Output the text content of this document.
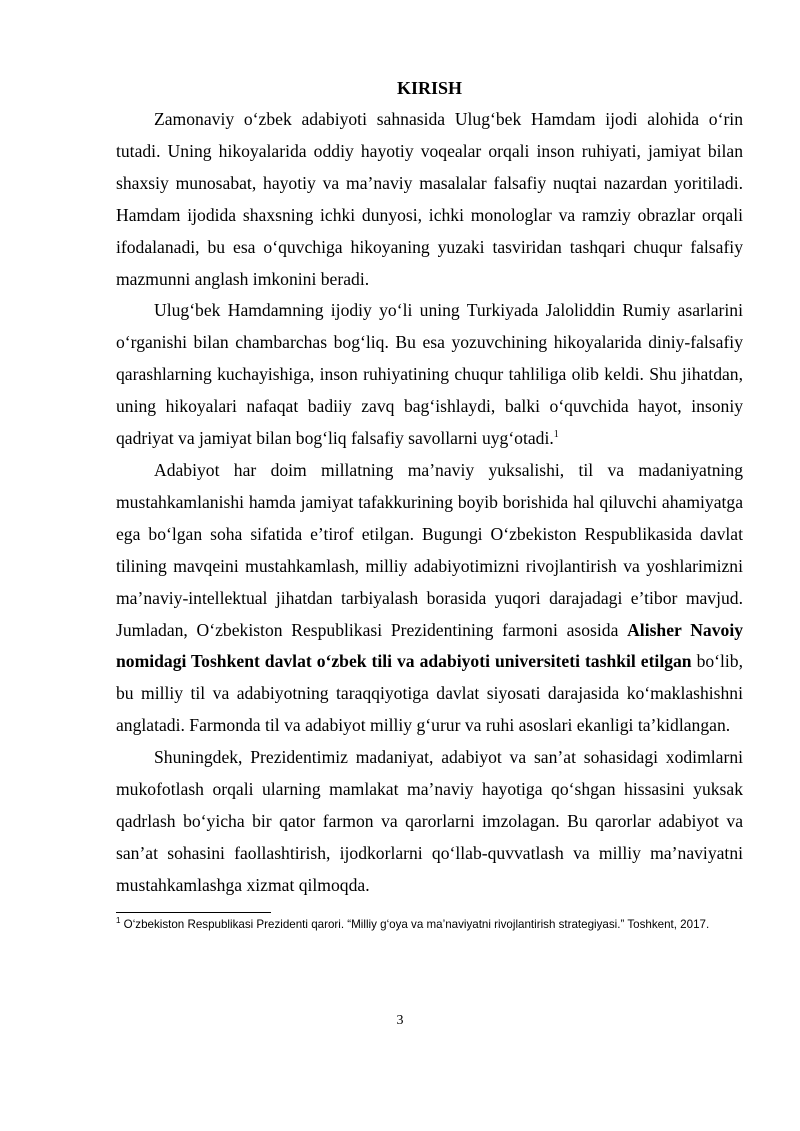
KIRISH

Zamonaviy o‘zbek adabiyoti sahnasida Ulug‘bek Hamdam ijodi alohida o‘rin tutadi. Uning hikoyalarida oddiy hayotiy voqealar orqali inson ruhiyati, jamiyat bilan shaxsiy munosabat, hayotiy va ma’naviy masalalar falsafiy nuqtai nazardan yoritiladi. Hamdam ijodida shaxsning ichki dunyosi, ichki monologlar va ramziy obrazlar orqali ifodalanadi, bu esa o‘quvchiga hikoyaning yuzaki tasviridan tashqari chuqur falsafiy mazmunni anglash imkonini beradi.

Ulug‘bek Hamdamning ijodiy yo‘li uning Turkiyada Jaloliddin Rumiy asarlarini o‘rganishi bilan chambarchas bog‘liq. Bu esa yozuvchining hikoyalarida diniy-falsafiy qarashlarning kuchayishiga, inson ruhiyatining chuqur tahliliga olib keldi. Shu jihatdan, uning hikoyalari nafaqat badiiy zavq bag‘ishlaydi, balki o‘quvchida hayot, insoniy qadriyat va jamiyat bilan bog‘liq falsafiy savollarni uyg‘otadi.$^1$

Adabiyot har doim millatning ma’naviy yuksalishi, til va madaniyatning mustahkamlanishi hamda jamiyat tafakkurining boyib borishida hal qiluvchi ahamiyatga ega bo‘lgan soha sifatida e’tirof etilgan. Bugungi O‘zbekiston Respublikasida davlat tilining mavqeini mustahkamlash, milliy adabiyotimizni rivojlantirish va yoshlarimizni ma’naviy-intellektual jihatdan tarbiyalash borasida yuqori darajadagi e’tibor mavjud. Jumladan, O‘zbekiston Respublikasi Prezidentining farmoni asosida Alisher Navoiy nomidagi Toshkent davlat o‘zbek tili va adabiyoti universiteti tashkil etilgan bo‘lib, bu milliy til va adabiyotning taraqqiyotiga davlat siyosati darajasida ko‘maklashishni anglatadi. Farmonda til va adabiyot milliy g‘urur va ruhi asoslari ekanligi ta’kidlangan.

Shuningdek, Prezidentimiz madaniyat, adabiyot va san’at sohasidagi xodimlarni mukofotlash orqali ularning mamlakat ma’naviy hayotiga qo‘shgan hissasini yuksak qadrlash bo‘yicha bir qator farmon va qarorlarni imzolagan. Bu qarorlar adabiyot va san’at sohasini faollashtirish, ijodkorlarni qo‘llab-quvvatlash va milliy ma’naviyatni mustahkamlashga xizmat qilmoqda.

$^1$ O‘zbekiston Respublikasi Prezidenti qarori. “Milliy g‘oya va ma’naviyatni rivojlantirish strategiyasi.” Toshkent, 2017.

3
